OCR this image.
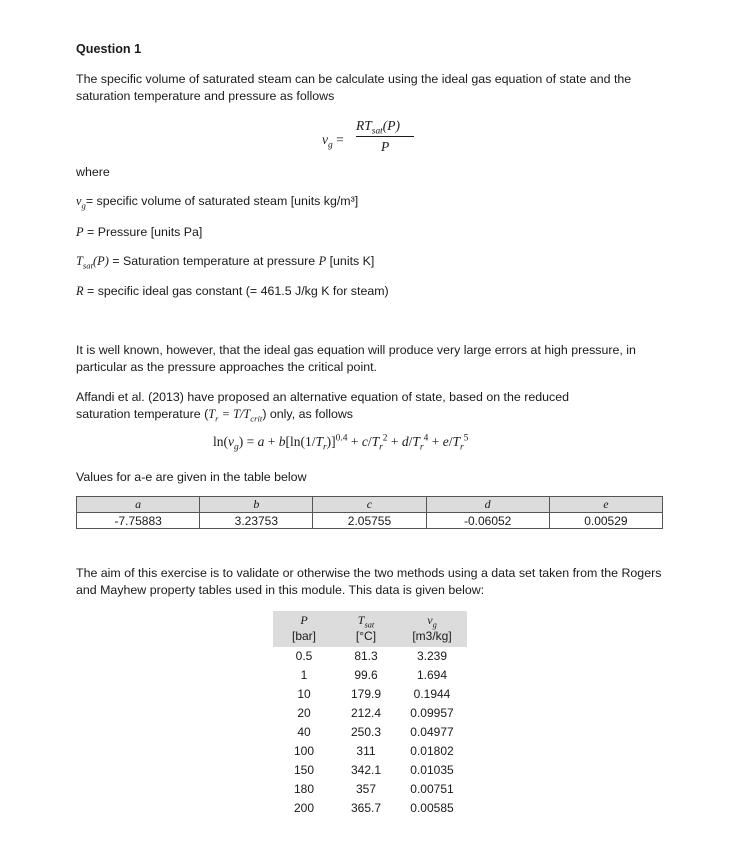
Question 1

The specific volume of saturated steam can be calculate using the ideal gas equation of state and the saturation temperature and pressure as follows

$v_g$ =
$RT_{sat}(P)$
P

where

$v_g=$ specific volume of saturated steam [units kg/m³]

P = Pressure [units Pa]

$T_{sat}(P)$ = Saturation temperature at pressure P [units K]

R = specific ideal gas constant (= 461.5 J/kg K for steam)

It is well known, however, that the ideal gas equation will produce very large errors at high pressure, in particular as the pressure approaches the critical point.

Affandi et al. (2013) have proposed an alternative equation of state, based on the reduced

saturation temperature $(T_r = T/T_{crit})$ only, as follows

$\ln(v_g) = a + b[\ln(1/T_r)]^{0.4} + c/T_r^2 + d/T_r^4 + e/T_r^5$

Values for a-e are given in the table below

a	b	c	d	e
-7.75883	3.23753	2.05755	-0.06052	0.00529

The aim of this exercise is to validate or otherwise the two methods using a data set taken from the Rogers and Mayhew property tables used in this module. This data is given below:

P	$T_{sat}$	$v_g$
[bar]	[°C]	[m3/kg]
0.5	81.3	3.239
1	99.6	1.694
10	179.9	0.1944
20	212.4	0.09957
40	250.3	0.04977
100	311	0.01802
150	342.1	0.01035
180	357	0.00751
200	365.7	0.00585
